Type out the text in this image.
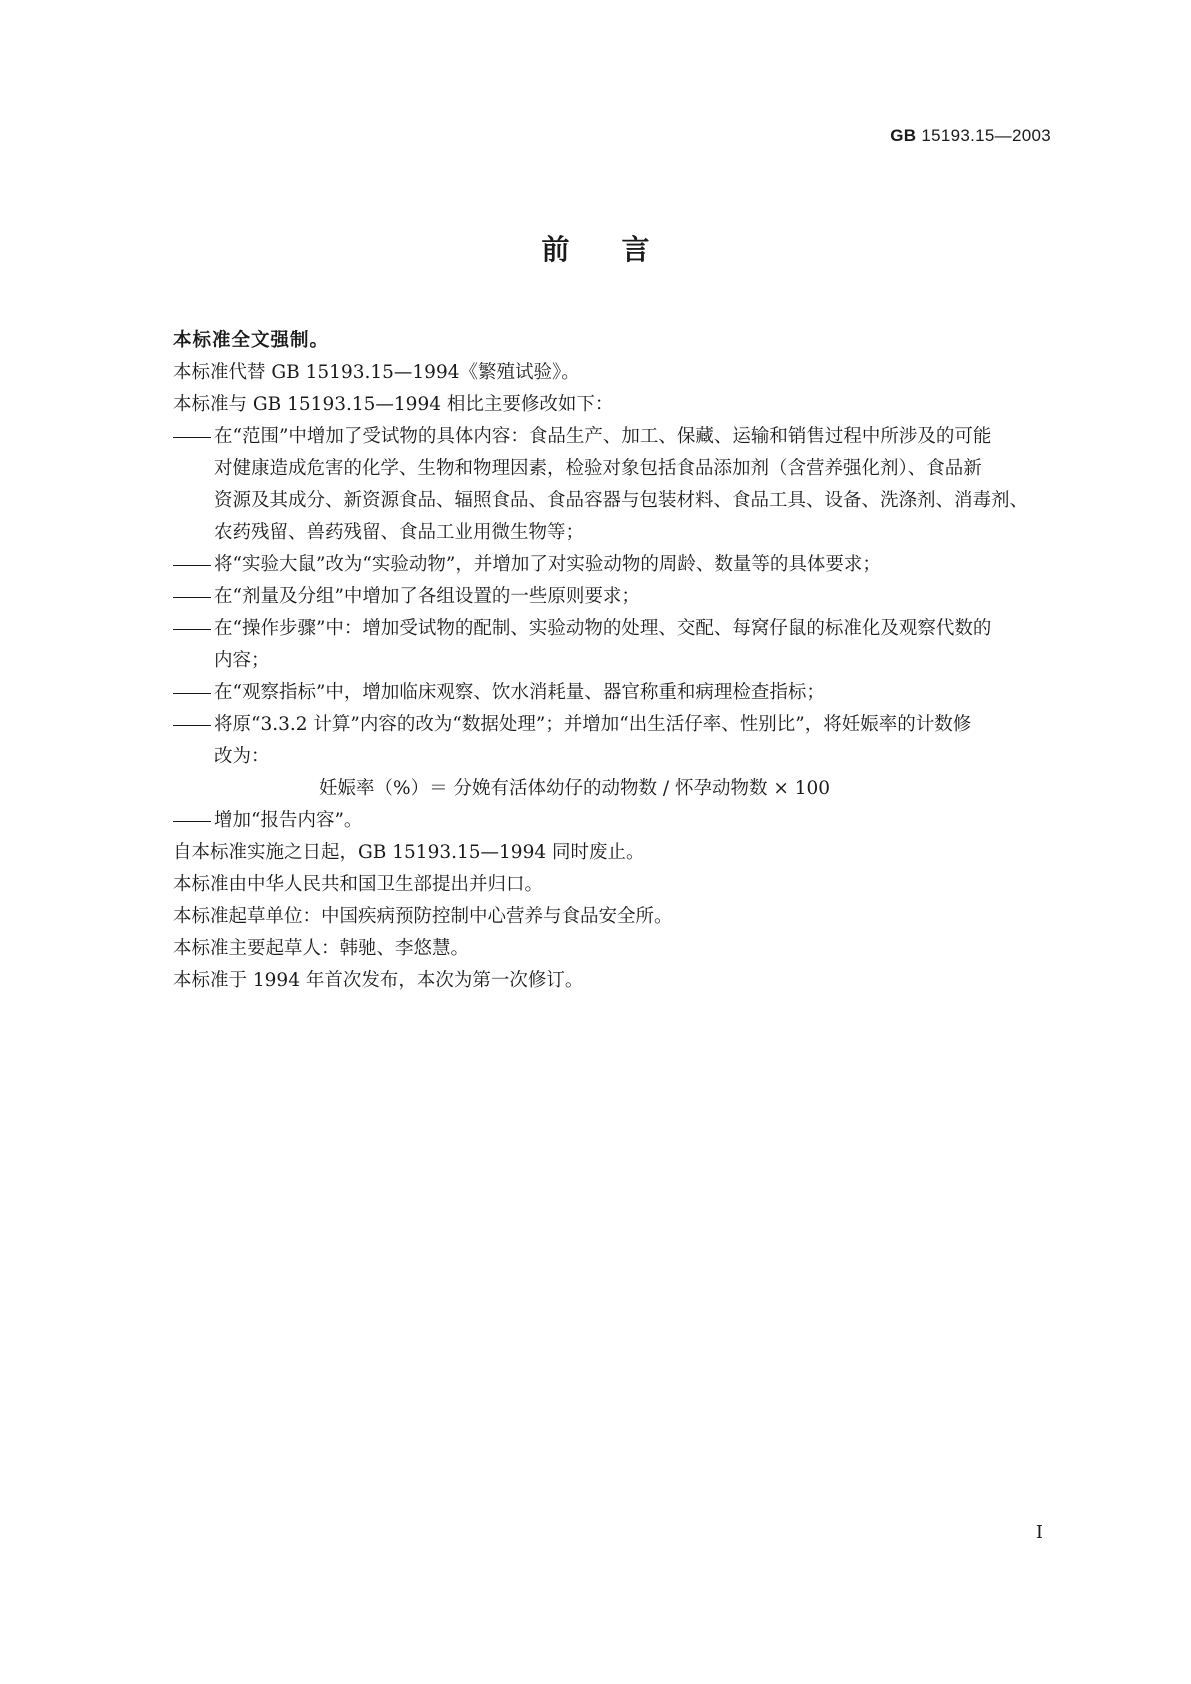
GB 15193.15—2003
前言
本标准全文强制。
本标准代替 GB 15193.15—1994《繁殖试验》。
本标准与 GB 15193.15—1994 相比主要修改如下：
在“范围”中增加了受试物的具体内容：食品生产、加工、保藏、运输和销售过程中所涉及的可能
对健康造成危害的化学、生物和物理因素，检验对象包括食品添加剂（含营养强化剂）、食品新
资源及其成分、新资源食品、辐照食品、食品容器与包装材料、食品工具、设备、洗涤剂、消毒剂、
农药残留、兽药残留、食品工业用微生物等；
将“实验大鼠”改为“实验动物”，并增加了对实验动物的周龄、数量等的具体要求；
在“剂量及分组”中增加了各组设置的一些原则要求；
在“操作步骤”中：增加受试物的配制、实验动物的处理、交配、每窝仔鼠的标准化及观察代数的
内容；
在“观察指标”中，增加临床观察、饮水消耗量、器官称重和病理检查指标；
将原“3.3.2 计算”内容的改为“数据处理”；并增加“出生活仔率、性别比”，将妊娠率的计数修
改为：
妊娠率（%）＝ 分娩有活体幼仔的动物数 / 怀孕动物数 × 100
增加“报告内容”。
自本标准实施之日起，GB 15193.15—1994 同时废止。
本标准由中华人民共和国卫生部提出并归口。
本标准起草单位：中国疾病预防控制中心营养与食品安全所。
本标准主要起草人：韩驰、李悠慧。
本标准于 1994 年首次发布，本次为第一次修订。
I
